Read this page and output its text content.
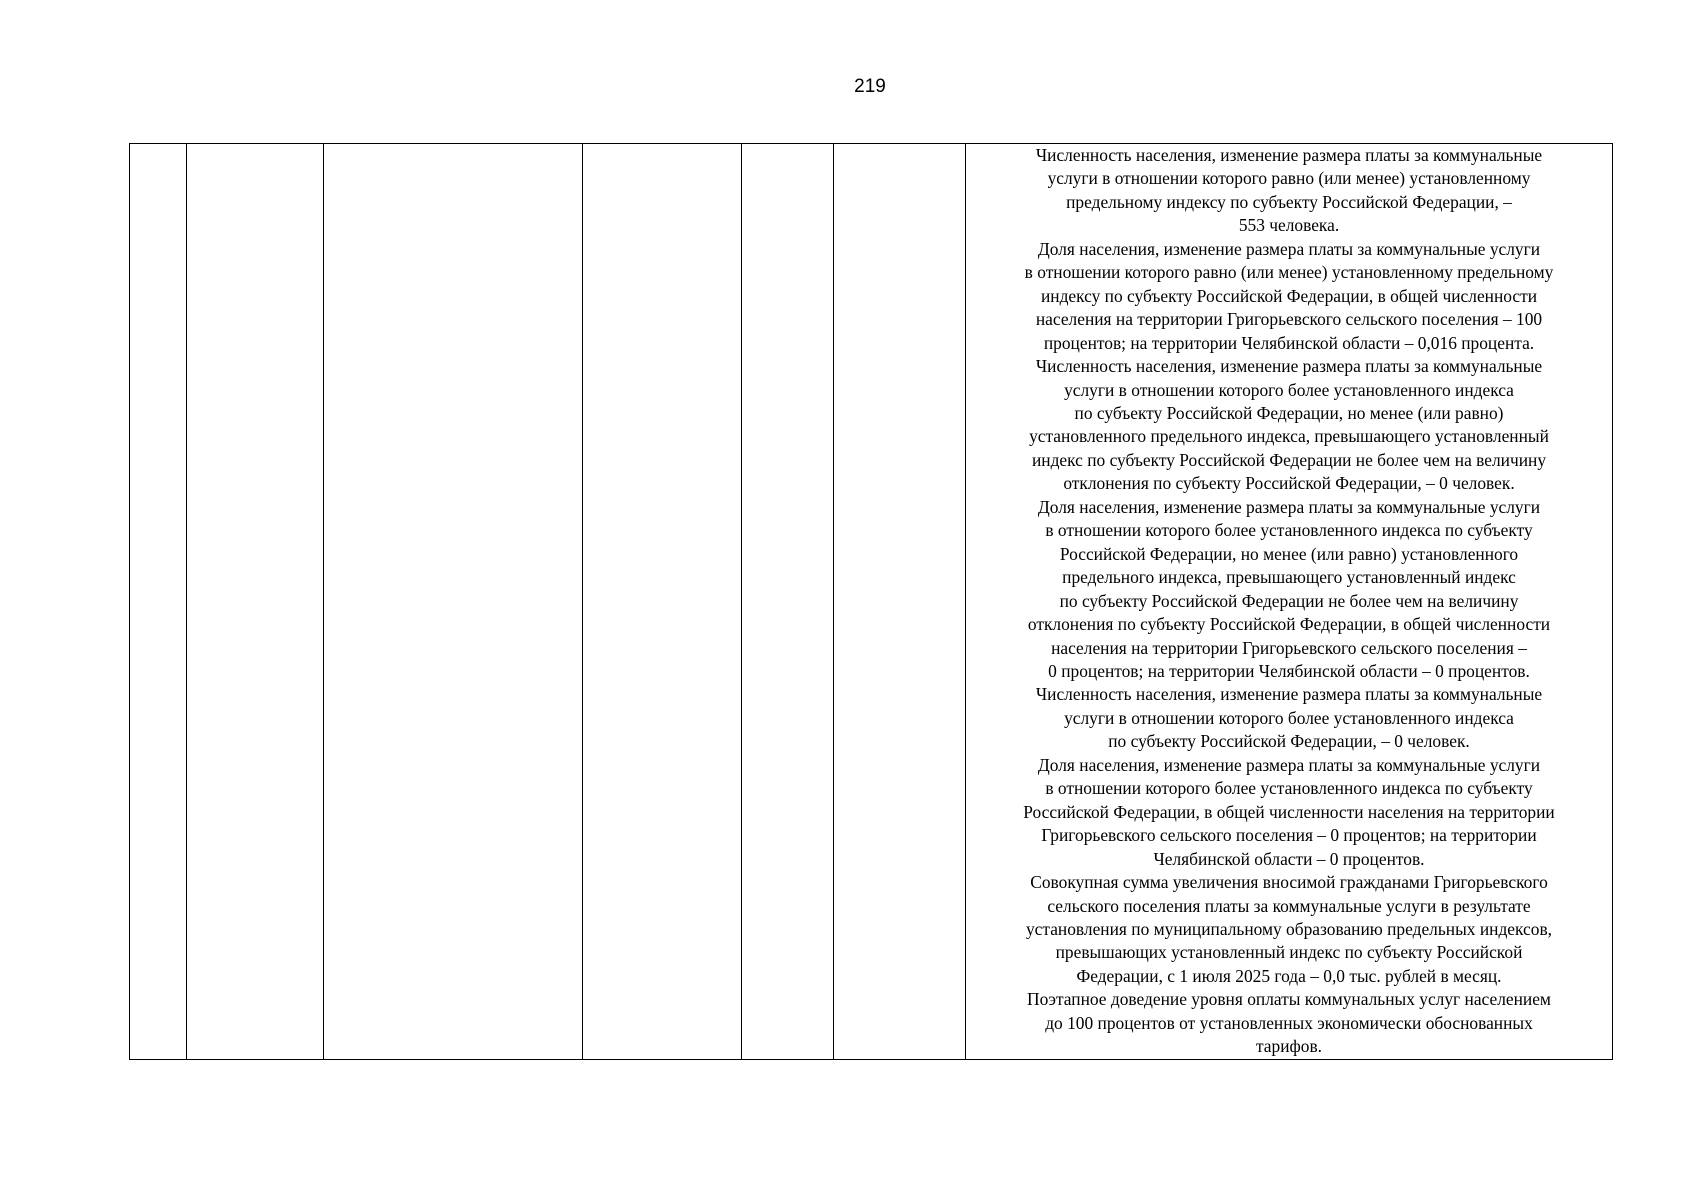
219

Численность населения, изменение размера платы за коммунальные
услуги в отношении которого равно (или менее) установленному
предельному индексу по субъекту Российской Федерации, –
553 человека.
Доля населения, изменение размера платы за коммунальные услуги
в отношении которого равно (или менее) установленному предельному
индексу по субъекту Российской Федерации, в общей численности
населения на территории Григорьевского сельского поселения – 100
процентов; на территории Челябинской области – 0,016 процента.
Численность населения, изменение размера платы за коммунальные
услуги в отношении которого более установленного индекса
по субъекту Российской Федерации, но менее (или равно)
установленного предельного индекса, превышающего установленный
индекс по субъекту Российской Федерации не более чем на величину
отклонения по субъекту Российской Федерации, – 0 человек.
Доля населения, изменение размера платы за коммунальные услуги
в отношении которого более установленного индекса по субъекту
Российской Федерации, но менее (или равно) установленного
предельного индекса, превышающего установленный индекс
по субъекту Российской Федерации не более чем на величину
отклонения по субъекту Российской Федерации, в общей численности
населения на территории Григорьевского сельского поселения –
0 процентов; на территории Челябинской области – 0 процентов.
Численность населения, изменение размера платы за коммунальные
услуги в отношении которого более установленного индекса
по субъекту Российской Федерации, – 0 человек.
Доля населения, изменение размера платы за коммунальные услуги
в отношении которого более установленного индекса по субъекту
Российской Федерации, в общей численности населения на территории
Григорьевского сельского поселения – 0 процентов; на территории
Челябинской области – 0 процентов.
Совокупная сумма увеличения вносимой гражданами Григорьевского
сельского поселения платы за коммунальные услуги в результате
установления по муниципальному образованию предельных индексов,
превышающих установленный индекс по субъекту Российской
Федерации, с 1 июля 2025 года – 0,0 тыс. рублей в месяц.
Поэтапное доведение уровня оплаты коммунальных услуг населением
до 100 процентов от установленных экономически обоснованных
тарифов.
